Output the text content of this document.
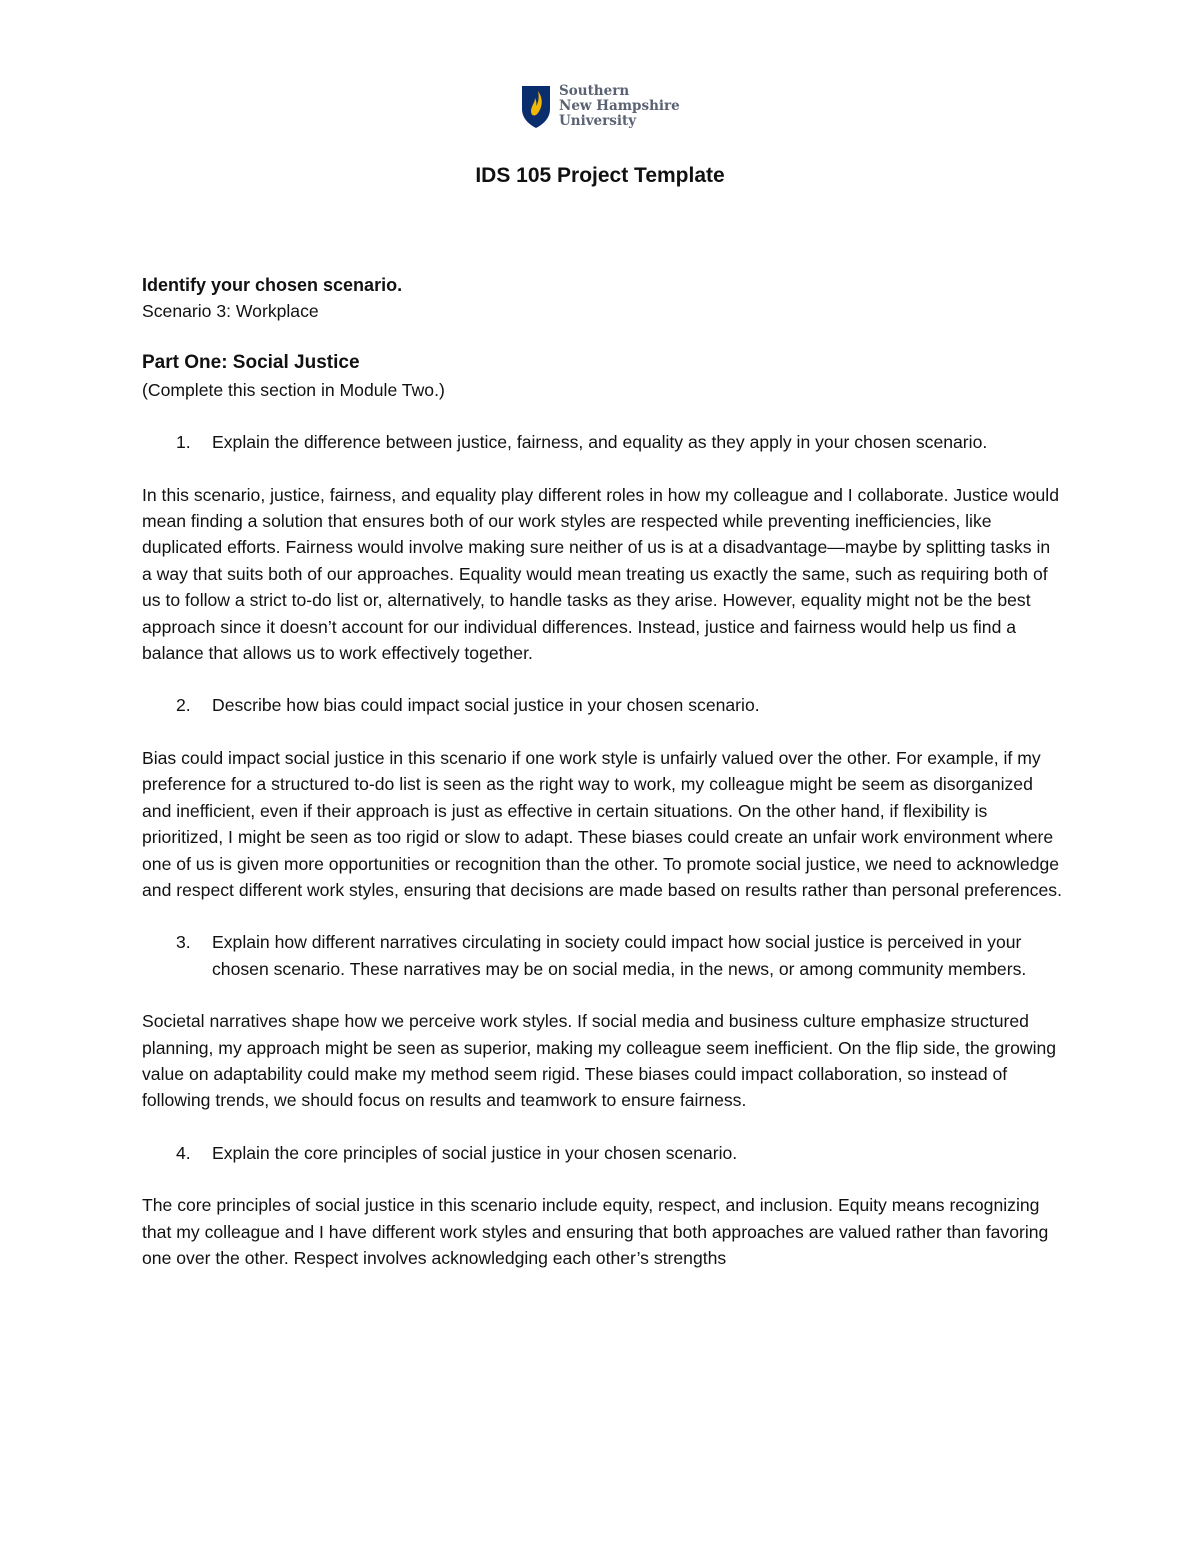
Southern
New Hampshire
University
IDS 105 Project Template

Identify your chosen scenario.

Scenario 3: Workplace

Part One: Social Justice

(Complete this section in Module Two.)

1. Explain the difference between justice, fairness, and equality as they apply in your chosen scenario.

In this scenario, justice, fairness, and equality play different roles in how my colleague and I collaborate. Justice would mean finding a solution that ensures both of our work styles are respected while preventing inefficiencies, like duplicated efforts. Fairness would involve making sure neither of us is at a disadvantage—maybe by splitting tasks in a way that suits both of our approaches. Equality would mean treating us exactly the same, such as requiring both of us to follow a strict to-do list or, alternatively, to handle tasks as they arise. However, equality might not be the best approach since it doesn’t account for our individual differences. Instead, justice and fairness would help us find a balance that allows us to work effectively together.

2. Describe how bias could impact social justice in your chosen scenario.

Bias could impact social justice in this scenario if one work style is unfairly valued over the other. For example, if my preference for a structured to-do list is seen as the right way to work, my colleague might be seem as disorganized and inefficient, even if their approach is just as effective in certain situations. On the other hand, if flexibility is prioritized, I might be seen as too rigid or slow to adapt. These biases could create an unfair work environment where one of us is given more opportunities or recognition than the other. To promote social justice, we need to acknowledge and respect different work styles, ensuring that decisions are made based on results rather than personal preferences.

3. Explain how different narratives circulating in society could impact how social justice is perceived in your chosen scenario. These narratives may be on social media, in the news, or among community members.

Societal narratives shape how we perceive work styles. If social media and business culture emphasize structured planning, my approach might be seen as superior, making my colleague seem inefficient. On the flip side, the growing value on adaptability could make my method seem rigid. These biases could impact collaboration, so instead of following trends, we should focus on results and teamwork to ensure fairness.

4. Explain the core principles of social justice in your chosen scenario.

The core principles of social justice in this scenario include equity, respect, and inclusion. Equity means recognizing that my colleague and I have different work styles and ensuring that both approaches are valued rather than favoring one over the other. Respect involves acknowledging each other’s strengths
